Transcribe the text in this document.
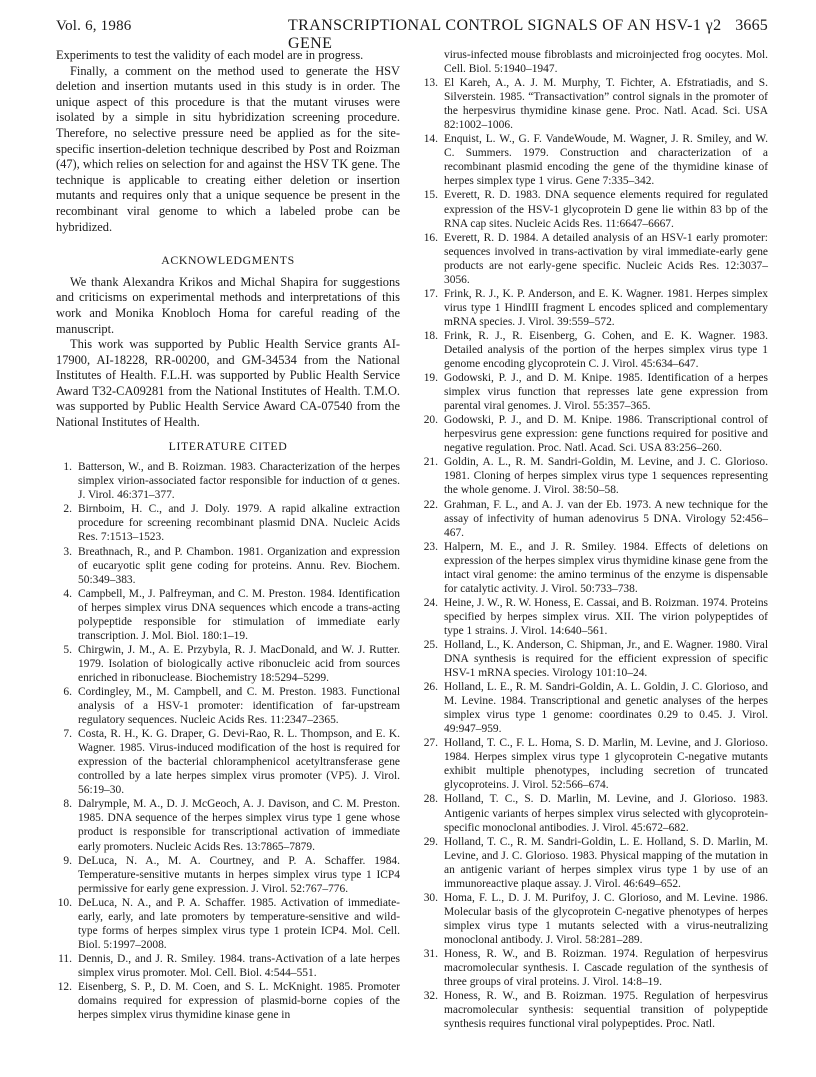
Vol. 6, 1986	TRANSCRIPTIONAL CONTROL SIGNALS OF AN HSV-1 γ2 GENE
3665

Experiments to test the validity of each model are in progress.

Finally, a comment on the method used to generate the HSV deletion and insertion mutants used in this study is in order. The unique aspect of this procedure is that the mutant viruses were isolated by a simple in situ hybridization screening procedure. Therefore, no selective pressure need be applied as for the site-specific insertion-deletion technique described by Post and Roizman (47), which relies on selection for and against the HSV TK gene. The technique is applicable to creating either deletion or insertion mutants and requires only that a unique sequence be present in the recombinant viral genome to which a labeled probe can be hybridized.

ACKNOWLEDGMENTS

We thank Alexandra Krikos and Michal Shapira for suggestions and criticisms on experimental methods and interpretations of this work and Monika Knobloch Homa for careful reading of the manuscript.

This work was supported by Public Health Service grants AI-17900, AI-18228, RR-00200, and GM-34534 from the National Institutes of Health. F.L.H. was supported by Public Health Service Award T32-CA09281 from the National Institutes of Health. T.M.O. was supported by Public Health Service Award CA-07540 from the National Institutes of Health.

LITERATURE CITED
1. Batterson, W., and B. Roizman. 1983. Characterization of the herpes simplex virion-associated factor responsible for induction of α genes. J. Virol. 46:371–377.
2. Birnboim, H. C., and J. Doly. 1979. A rapid alkaline extraction procedure for screening recombinant plasmid DNA. Nucleic Acids Res. 7:1513–1523.
3. Breathnach, R., and P. Chambon. 1981. Organization and expression of eucaryotic split gene coding for proteins. Annu. Rev. Biochem. 50:349–383.
4. Campbell, M., J. Palfreyman, and C. M. Preston. 1984. Identification of herpes simplex virus DNA sequences which encode a trans-acting polypeptide responsible for stimulation of immediate early transcription. J. Mol. Biol. 180:1–19.
5. Chirgwin, J. M., A. E. Przybyla, R. J. MacDonald, and W. J. Rutter. 1979. Isolation of biologically active ribonucleic acid from sources enriched in ribonuclease. Biochemistry 18:5294–5299.
6. Cordingley, M., M. Campbell, and C. M. Preston. 1983. Functional analysis of a HSV-1 promoter: identification of far-upstream regulatory sequences. Nucleic Acids Res. 11:2347–2365.
7. Costa, R. H., K. G. Draper, G. Devi-Rao, R. L. Thompson, and E. K. Wagner. 1985. Virus-induced modification of the host is required for expression of the bacterial chloramphenicol acetyltransferase gene controlled by a late herpes simplex virus promoter (VP5). J. Virol. 56:19–30.
8. Dalrymple, M. A., D. J. McGeoch, A. J. Davison, and C. M. Preston. 1985. DNA sequence of the herpes simplex virus type 1 gene whose product is responsible for transcriptional activation of immediate early promoters. Nucleic Acids Res. 13:7865–7879.
9. DeLuca, N. A., M. A. Courtney, and P. A. Schaffer. 1984. Temperature-sensitive mutants in herpes simplex virus type 1 ICP4 permissive for early gene expression. J. Virol. 52:767–776.
10. DeLuca, N. A., and P. A. Schaffer. 1985. Activation of immediate-early, early, and late promoters by temperature-sensitive and wild-type forms of herpes simplex virus type 1 protein ICP4. Mol. Cell. Biol. 5:1997–2008.
11. Dennis, D., and J. R. Smiley. 1984. trans-Activation of a late herpes simplex virus promoter. Mol. Cell. Biol. 4:544–551.
12. Eisenberg, S. P., D. M. Coen, and S. L. McKnight. 1985. Promoter domains required for expression of plasmid-borne copies of the herpes simplex virus thymidine kinase gene in
virus-infected mouse fibroblasts and microinjected frog oocytes. Mol. Cell. Biol. 5:1940–1947.
13. El Kareh, A., A. J. M. Murphy, T. Fichter, A. Efstratiadis, and S. Silverstein. 1985. “Transactivation” control signals in the promoter of the herpesvirus thymidine kinase gene. Proc. Natl. Acad. Sci. USA 82:1002–1006.
14. Enquist, L. W., G. F. VandeWoude, M. Wagner, J. R. Smiley, and W. C. Summers. 1979. Construction and characterization of a recombinant plasmid encoding the gene of the thymidine kinase of herpes simplex type 1 virus. Gene 7:335–342.
15. Everett, R. D. 1983. DNA sequence elements required for regulated expression of the HSV-1 glycoprotein D gene lie within 83 bp of the RNA cap sites. Nucleic Acids Res. 11:6647–6667.
16. Everett, R. D. 1984. A detailed analysis of an HSV-1 early promoter: sequences involved in trans-activation by viral immediate-early gene products are not early-gene specific. Nucleic Acids Res. 12:3037–3056.
17. Frink, R. J., K. P. Anderson, and E. K. Wagner. 1981. Herpes simplex virus type 1 HindIII fragment L encodes spliced and complementary mRNA species. J. Virol. 39:559–572.
18. Frink, R. J., R. Eisenberg, G. Cohen, and E. K. Wagner. 1983. Detailed analysis of the portion of the herpes simplex virus type 1 genome encoding glycoprotein C. J. Virol. 45:634–647.
19. Godowski, P. J., and D. M. Knipe. 1985. Identification of a herpes simplex virus function that represses late gene expression from parental viral genomes. J. Virol. 55:357–365.
20. Godowski, P. J., and D. M. Knipe. 1986. Transcriptional control of herpesvirus gene expression: gene functions required for positive and negative regulation. Proc. Natl. Acad. Sci. USA 83:256–260.
21. Goldin, A. L., R. M. Sandri-Goldin, M. Levine, and J. C. Glorioso. 1981. Cloning of herpes simplex virus type 1 sequences representing the whole genome. J. Virol. 38:50–58.
22. Grahman, F. L., and A. J. van der Eb. 1973. A new technique for the assay of infectivity of human adenovirus 5 DNA. Virology 52:456–467.
23. Halpern, M. E., and J. R. Smiley. 1984. Effects of deletions on expression of the herpes simplex virus thymidine kinase gene from the intact viral genome: the amino terminus of the enzyme is dispensable for catalytic activity. J. Virol. 50:733–738.
24. Heine, J. W., R. W. Honess, E. Cassai, and B. Roizman. 1974. Proteins specified by herpes simplex virus. XII. The virion polypeptides of type 1 strains. J. Virol. 14:640–561.
25. Holland, L., K. Anderson, C. Shipman, Jr., and E. Wagner. 1980. Viral DNA synthesis is required for the efficient expression of specific HSV-1 mRNA species. Virology 101:10–24.
26. Holland, L. E., R. M. Sandri-Goldin, A. L. Goldin, J. C. Glorioso, and M. Levine. 1984. Transcriptional and genetic analyses of the herpes simplex virus type 1 genome: coordinates 0.29 to 0.45. J. Virol. 49:947–959.
27. Holland, T. C., F. L. Homa, S. D. Marlin, M. Levine, and J. Glorioso. 1984. Herpes simplex virus type 1 glycoprotein C-negative mutants exhibit multiple phenotypes, including secretion of truncated glycoproteins. J. Virol. 52:566–674.
28. Holland, T. C., S. D. Marlin, M. Levine, and J. Glorioso. 1983. Antigenic variants of herpes simplex virus selected with glycoprotein-specific monoclonal antibodies. J. Virol. 45:672–682.
29. Holland, T. C., R. M. Sandri-Goldin, L. E. Holland, S. D. Marlin, M. Levine, and J. C. Glorioso. 1983. Physical mapping of the mutation in an antigenic variant of herpes simplex virus type 1 by use of an immunoreactive plaque assay. J. Virol. 46:649–652.
30. Homa, F. L., D. J. M. Purifoy, J. C. Glorioso, and M. Levine. 1986. Molecular basis of the glycoprotein C-negative phenotypes of herpes simplex virus type 1 mutants selected with a virus-neutralizing monoclonal antibody. J. Virol. 58:281–289.
31. Honess, R. W., and B. Roizman. 1974. Regulation of herpesvirus macromolecular synthesis. I. Cascade regulation of the synthesis of three groups of viral proteins. J. Virol. 14:8–19.
32. Honess, R. W., and B. Roizman. 1975. Regulation of herpesvirus macromolecular synthesis: sequential transition of polypeptide synthesis requires functional viral polypeptides. Proc. Natl.
